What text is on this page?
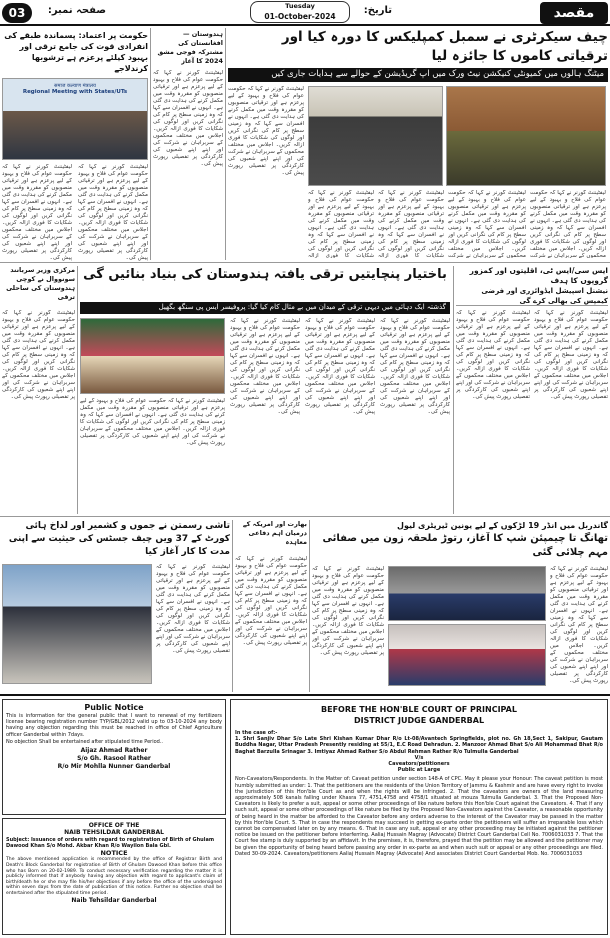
03	صفحہ نمبر:	Tuesday
01-October-2024
تاریخ:	مقصد
حکومت پر اعتماد: پسماندہ طبقے کی انفرادی قوت کی جامع ترقی اور بہبود کیلئے پرعزم ہے ترشوبھا کرندلاجے
समाज कल्याण मंत्रालय
Regional Meeting with States/UTs
لیفٹیننٹ گورنر نے کہا کہ حکومت عوام کی فلاح و بہبود کے لیے پرعزم ہے اور ترقیاتی منصوبوں کو مقررہ وقت میں مکمل کرنے کی ہدایت دی گئی ہے۔ انہوں نے افسران سے کہا کہ وہ زمینی سطح پر کام کی نگرانی کریں اور لوگوں کی شکایات کا فوری ازالہ کریں۔ اجلاس میں مختلف محکموں کے سربراہان نے شرکت کی اور اپنے اپنے شعبوں کی کارکردگی پر تفصیلی رپورٹ پیش کی۔
لیفٹیننٹ گورنر نے کہا کہ حکومت عوام کی فلاح و بہبود کے لیے پرعزم ہے اور ترقیاتی منصوبوں کو مقررہ وقت میں مکمل کرنے کی ہدایت دی گئی ہے۔ انہوں نے افسران سے کہا کہ وہ زمینی سطح پر کام کی نگرانی کریں اور لوگوں کی شکایات کا فوری ازالہ کریں۔ اجلاس میں مختلف محکموں کے سربراہان نے شرکت کی اور اپنے اپنے شعبوں کی کارکردگی پر تفصیلی رپورٹ پیش کی۔
ہندوستان — افغانستان کی مشترکہ فوجی مشق 2024 کا آغاز
لیفٹیننٹ گورنر نے کہا کہ حکومت عوام کی فلاح و بہبود کے لیے پرعزم ہے اور ترقیاتی منصوبوں کو مقررہ وقت میں مکمل کرنے کی ہدایت دی گئی ہے۔ انہوں نے افسران سے کہا کہ وہ زمینی سطح پر کام کی نگرانی کریں اور لوگوں کی شکایات کا فوری ازالہ کریں۔ اجلاس میں مختلف محکموں کے سربراہان نے شرکت کی اور اپنے اپنے شعبوں کی کارکردگی پر تفصیلی رپورٹ پیش کی۔
چیف سیکرٹری نے سمبل کمپلیکس کا دورہ کیا اور ترقیاتی کاموں کا جائزہ لیا
میٹنگ ہالوں میں کمیونٹی کنیکشن نیٹ ورک میں اپ گریڈیشن کے حوالے سے ہدایات جاری کیں
لیفٹیننٹ گورنر نے کہا کہ حکومت عوام کی فلاح و بہبود کے لیے پرعزم ہے اور ترقیاتی منصوبوں کو مقررہ وقت میں مکمل کرنے کی ہدایت دی گئی ہے۔ انہوں نے افسران سے کہا کہ وہ زمینی سطح پر کام کی نگرانی کریں اور لوگوں کی شکایات کا فوری ازالہ کریں۔ اجلاس میں مختلف محکموں کے سربراہان نے شرکت کی اور اپنے اپنے شعبوں کی کارکردگی پر تفصیلی رپورٹ پیش کی۔
لیفٹیننٹ گورنر نے کہا کہ حکومت عوام کی فلاح و بہبود کے لیے پرعزم ہے اور ترقیاتی منصوبوں کو مقررہ وقت میں مکمل کرنے کی ہدایت دی گئی ہے۔ انہوں نے افسران سے کہا کہ وہ زمینی سطح پر کام کی نگرانی کریں اور لوگوں کی شکایات کا فوری ازالہ
لیفٹیننٹ گورنر نے کہا کہ حکومت عوام کی فلاح و بہبود کے لیے پرعزم ہے اور ترقیاتی منصوبوں کو مقررہ وقت میں مکمل کرنے کی ہدایت دی گئی ہے۔ انہوں نے افسران سے کہا کہ وہ زمینی سطح پر کام کی نگرانی کریں اور لوگوں کی شکایات کا فوری ازالہ
لیفٹیننٹ گورنر نے کہا کہ حکومت عوام کی فلاح و بہبود کے لیے پرعزم ہے اور ترقیاتی منصوبوں کو مقررہ وقت میں مکمل کرنے کی ہدایت دی گئی ہے۔ انہوں نے افسران سے کہا کہ وہ زمینی سطح پر کام کی نگرانی کریں اور لوگوں کی شکایات کا فوری ازالہ کریں۔ اجلاس میں مختلف محکموں کے سربراہان نے شرکت
لیفٹیننٹ گورنر نے کہا کہ حکومت عوام کی فلاح و بہبود کے لیے پرعزم ہے اور ترقیاتی منصوبوں کو مقررہ وقت میں مکمل کرنے کی ہدایت دی گئی ہے۔ انہوں نے افسران سے کہا کہ وہ زمینی سطح پر کام کی نگرانی کریں اور لوگوں کی شکایات کا فوری ازالہ کریں۔ اجلاس میں مختلف محکموں کے سربراہان نے شرکت
مرکزی وزیر سربانند سونووال نے کوچی ہندوستان کی ساحلی ترقی
لیفٹیننٹ گورنر نے کہا کہ حکومت عوام کی فلاح و بہبود کے لیے پرعزم ہے اور ترقیاتی منصوبوں کو مقررہ وقت میں مکمل کرنے کی ہدایت دی گئی ہے۔ انہوں نے افسران سے کہا کہ وہ زمینی سطح پر کام کی نگرانی کریں اور لوگوں کی شکایات کا فوری ازالہ کریں۔ اجلاس میں مختلف محکموں کے سربراہان نے شرکت کی اور اپنے اپنے شعبوں کی کارکردگی پر تفصیلی رپورٹ پیش کی۔
باختیار پنچایتیں ترقی یافتہ ہندوستان کی بنیاد بنائیں گی
گذشتہ ایک دہائی میں دیہی ترقی کے میدان میں بے مثال کام کیا گیا: پروفیسر ایس پی سنگھ بگھیل
لیفٹیننٹ گورنر نے کہا کہ حکومت عوام کی فلاح و بہبود کے لیے پرعزم ہے اور ترقیاتی منصوبوں کو مقررہ وقت میں مکمل کرنے کی ہدایت دی گئی ہے۔ انہوں نے افسران سے کہا کہ وہ زمینی سطح پر کام کی نگرانی کریں اور لوگوں کی شکایات کا فوری ازالہ کریں۔ اجلاس میں مختلف محکموں کے سربراہان نے شرکت کی اور اپنے اپنے شعبوں کی کارکردگی پر تفصیلی رپورٹ پیش کی۔
لیفٹیننٹ گورنر نے کہا کہ حکومت عوام کی فلاح و بہبود کے لیے پرعزم ہے اور ترقیاتی منصوبوں کو مقررہ وقت میں مکمل کرنے کی ہدایت دی گئی ہے۔ انہوں نے افسران سے کہا کہ وہ زمینی سطح پر کام کی نگرانی کریں اور لوگوں کی شکایات کا فوری ازالہ کریں۔ اجلاس میں مختلف محکموں کے سربراہان نے شرکت کی اور اپنے اپنے شعبوں کی کارکردگی پر تفصیلی رپورٹ پیش کی۔
لیفٹیننٹ گورنر نے کہا کہ حکومت عوام کی فلاح و بہبود کے لیے پرعزم ہے اور ترقیاتی منصوبوں کو مقررہ وقت میں مکمل کرنے کی ہدایت دی گئی ہے۔ انہوں نے افسران سے کہا کہ وہ زمینی سطح پر کام کی نگرانی کریں اور لوگوں کی شکایات کا فوری ازالہ کریں۔ اجلاس میں مختلف محکموں کے سربراہان نے شرکت کی اور اپنے اپنے شعبوں کی کارکردگی پر تفصیلی رپورٹ پیش کی۔
لیفٹیننٹ گورنر نے کہا کہ حکومت عوام کی فلاح و بہبود کے لیے پرعزم ہے اور ترقیاتی منصوبوں کو مقررہ وقت میں مکمل کرنے کی ہدایت دی گئی ہے۔ انہوں نے افسران سے کہا کہ وہ زمینی سطح پر کام کی نگرانی کریں اور لوگوں کی شکایات کا فوری ازالہ کریں۔ اجلاس میں مختلف محکموں کے سربراہان نے شرکت کی اور اپنے اپنے شعبوں کی کارکردگی پر تفصیلی رپورٹ پیش کی۔
ایس سی/ایس ٹی، اقلیتوں اور کمزور گروپوں کا ہدف
نیشنل اسپیشل ایڈوائزری اور فرضی کیمپس کی بھالی کرے گی
لیفٹیننٹ گورنر نے کہا کہ حکومت عوام کی فلاح و بہبود کے لیے پرعزم ہے اور ترقیاتی منصوبوں کو مقررہ وقت میں مکمل کرنے کی ہدایت دی گئی ہے۔ انہوں نے افسران سے کہا کہ وہ زمینی سطح پر کام کی نگرانی کریں اور لوگوں کی شکایات کا فوری ازالہ کریں۔ اجلاس میں مختلف محکموں کے سربراہان نے شرکت کی اور اپنے اپنے شعبوں کی کارکردگی پر تفصیلی رپورٹ پیش کی۔
لیفٹیننٹ گورنر نے کہا کہ حکومت عوام کی فلاح و بہبود کے لیے پرعزم ہے اور ترقیاتی منصوبوں کو مقررہ وقت میں مکمل کرنے کی ہدایت دی گئی ہے۔ انہوں نے افسران سے کہا کہ وہ زمینی سطح پر کام کی نگرانی کریں اور لوگوں کی شکایات کا فوری ازالہ کریں۔ اجلاس میں مختلف محکموں کے سربراہان نے شرکت کی اور اپنے اپنے شعبوں کی کارکردگی پر تفصیلی رپورٹ پیش کی۔
تاشی رسمتن نے جموں و کشمیر اور لداخ ہائی کورٹ کے 37 ویں چیف جسٹس کی حیثیت سے اپنی مدت کا کار آغاز کیا
لیفٹیننٹ گورنر نے کہا کہ حکومت عوام کی فلاح و بہبود کے لیے پرعزم ہے اور ترقیاتی منصوبوں کو مقررہ وقت میں مکمل کرنے کی ہدایت دی گئی ہے۔ انہوں نے افسران سے کہا کہ وہ زمینی سطح پر کام کی نگرانی کریں اور لوگوں کی شکایات کا فوری ازالہ کریں۔ اجلاس میں مختلف محکموں کے سربراہان نے شرکت کی اور اپنے اپنے شعبوں کی کارکردگی پر تفصیلی رپورٹ پیش کی۔
بھارت اور امریکہ کے درمیان اہم دفاعی معاہدہ
لیفٹیننٹ گورنر نے کہا کہ حکومت عوام کی فلاح و بہبود کے لیے پرعزم ہے اور ترقیاتی منصوبوں کو مقررہ وقت میں مکمل کرنے کی ہدایت دی گئی ہے۔ انہوں نے افسران سے کہا کہ وہ زمینی سطح پر کام کی نگرانی کریں اور لوگوں کی شکایات کا فوری ازالہ کریں۔ اجلاس میں مختلف محکموں کے سربراہان نے شرکت کی اور اپنے اپنے شعبوں کی کارکردگی پر تفصیلی رپورٹ پیش کی۔
گاندربل میں انڈر 19 لڑکوں کے لیے یونین ٹیریٹری لیول
تھانگ تا چیمپئن شپ کا آغاز، رتوڑ ملحقہ زون میں صفائی مہم چلائی گئی
لیفٹیننٹ گورنر نے کہا کہ حکومت عوام کی فلاح و بہبود کے لیے پرعزم ہے اور ترقیاتی منصوبوں کو مقررہ وقت میں مکمل کرنے کی ہدایت دی گئی ہے۔ انہوں نے افسران سے کہا کہ وہ زمینی سطح پر کام کی نگرانی کریں اور لوگوں کی شکایات کا فوری ازالہ کریں۔ اجلاس میں مختلف محکموں کے سربراہان نے شرکت کی اور اپنے اپنے شعبوں کی کارکردگی پر تفصیلی رپورٹ پیش کی۔
لیفٹیننٹ گورنر نے کہا کہ حکومت عوام کی فلاح و بہبود کے لیے پرعزم ہے اور ترقیاتی منصوبوں کو مقررہ وقت میں مکمل کرنے کی ہدایت دی گئی ہے۔ انہوں نے افسران سے کہا کہ وہ زمینی سطح پر کام کی نگرانی کریں اور لوگوں کی شکایات کا فوری ازالہ کریں۔ اجلاس میں مختلف محکموں کے سربراہان نے شرکت کی اور اپنے اپنے شعبوں کی کارکردگی پر تفصیلی رپورٹ پیش کی۔
Public Notice
This is information for the general public that I want to renewal of my fertilizers license bearing registration number TYP/GBL/2012 valid up to 03-10-2024 any body having any objection regarding this must be reached in office of Chief Agriculture officer Ganderbal within 7days.
No objection Shall be entertained after stipulated time Period..
Aijaz Ahmad Rather
S/o Gh. Rasool Rather
R/o Mir Mohlla Nunner Ganderbal
OFFICE OF THE
NAIB TEHSILDAR GANDERBAL
Subject: Issuance of orders with regard to registration of Birth of Ghulam Dawood Khan S/o Mohd. Akbar Khan R/o Wayilon Bala Gbl.
NOTICE
The above mentioned application is recommended by the office of Registrar Birth and Death's Block Ganderbal for registration of Birth of Ghulam Dawood Khan before this office who has Born on 20-02-1989. To conduct necessary verification regarding the matter it is publicly informed that if anybody having any objection with regard to applicant's claim of birth/death he or she may file his/her objections if any before the office of the undersigned within seven days from the date of publication of this notice. Further no objection shall be entertained after the stipulated time period.
Naib Tehsildar Ganderbal
BEFORE THE HON'BLE COURT OF PRINCIPAL
DISTRICT JUDGE GANDERBAL
In the case of:-
1. Shri Sanjiv Dhar S/o Late Shri Kishan Kumar Dhar R/o Lt-08/Avantech Springfields, plot no. Gh 18,Sect 1, Sakipur, Gautam Buddha Nagar, Uttar Pradesh Presently residing at 55/1, E.C Road Dehradun. 2. Manzoor Ahmad Bhat S/o Ali Mohammad Bhat R/o Baghat Barzulla Srinagar 3. Imtiyaz Ahmad Rather S/o Abdul Rehman Rather R/o Tulmulla Ganderbal
V/s
Caveators/petitioners
Public at Large
Non-Caveators/Respondents. In the Matter of: Caveat petition under section 148-A of CPC. May it please your Honour: The caveat petition is most humbly submitted as under: 1. That the petitioners are the residents of the Union Territory of Jammu & Kashmir and are have every right to invoke the jurisdiction of this Hon'ble Court as and when the rights will be infringed. 2. That the caveators are owners of the land measuring approximately 508 kanals falling under Khasra 77, 4751,4758 and 4758/1 situated at mouza Tulmulla Ganderbal. 3. That the Proposed Non-Caveators is likely to prefer a suit, appeal or some other proceedings of like nature before this Hon'ble Court against the Caveators. 4. That if any such suit, appeal or some other proceedings of like nature be filed by the Proposed Non-Caveators against the Caveator, a reasonable opportunity of being heard in the matter be afforded to the Caveator before any orders adverse to the interest of the Caveator may be passed in the matter by this Hon'ble Court. 5. That in case the respondents may succeed in getting ex-parte order the petitioners will suffer an irreparable loss which cannot be compensated later on by any means. 6. That in case any suit, appeal or any other proceeding may be initiated against the petitioner notice be issued on the petitioner before interferring. Aaliaj Hussain Magray (Advocate) District Court Ganderbal Cell No. 7006031033 7. That the Court fee stamp is duly supported by an affidavit. In the premises, it is, therefore, prayed that the petition may be allowed and the petitioner may be given the opportunity of being heard before passing any order in ex-parte as and when such suit or appeal or any other proceedings are filed. Dated 30-09-2024. Caveators/petitioners Aaliaj Hussain Magray (Advocate) And associates District Court Ganderbal Mob. No. 7006031033
